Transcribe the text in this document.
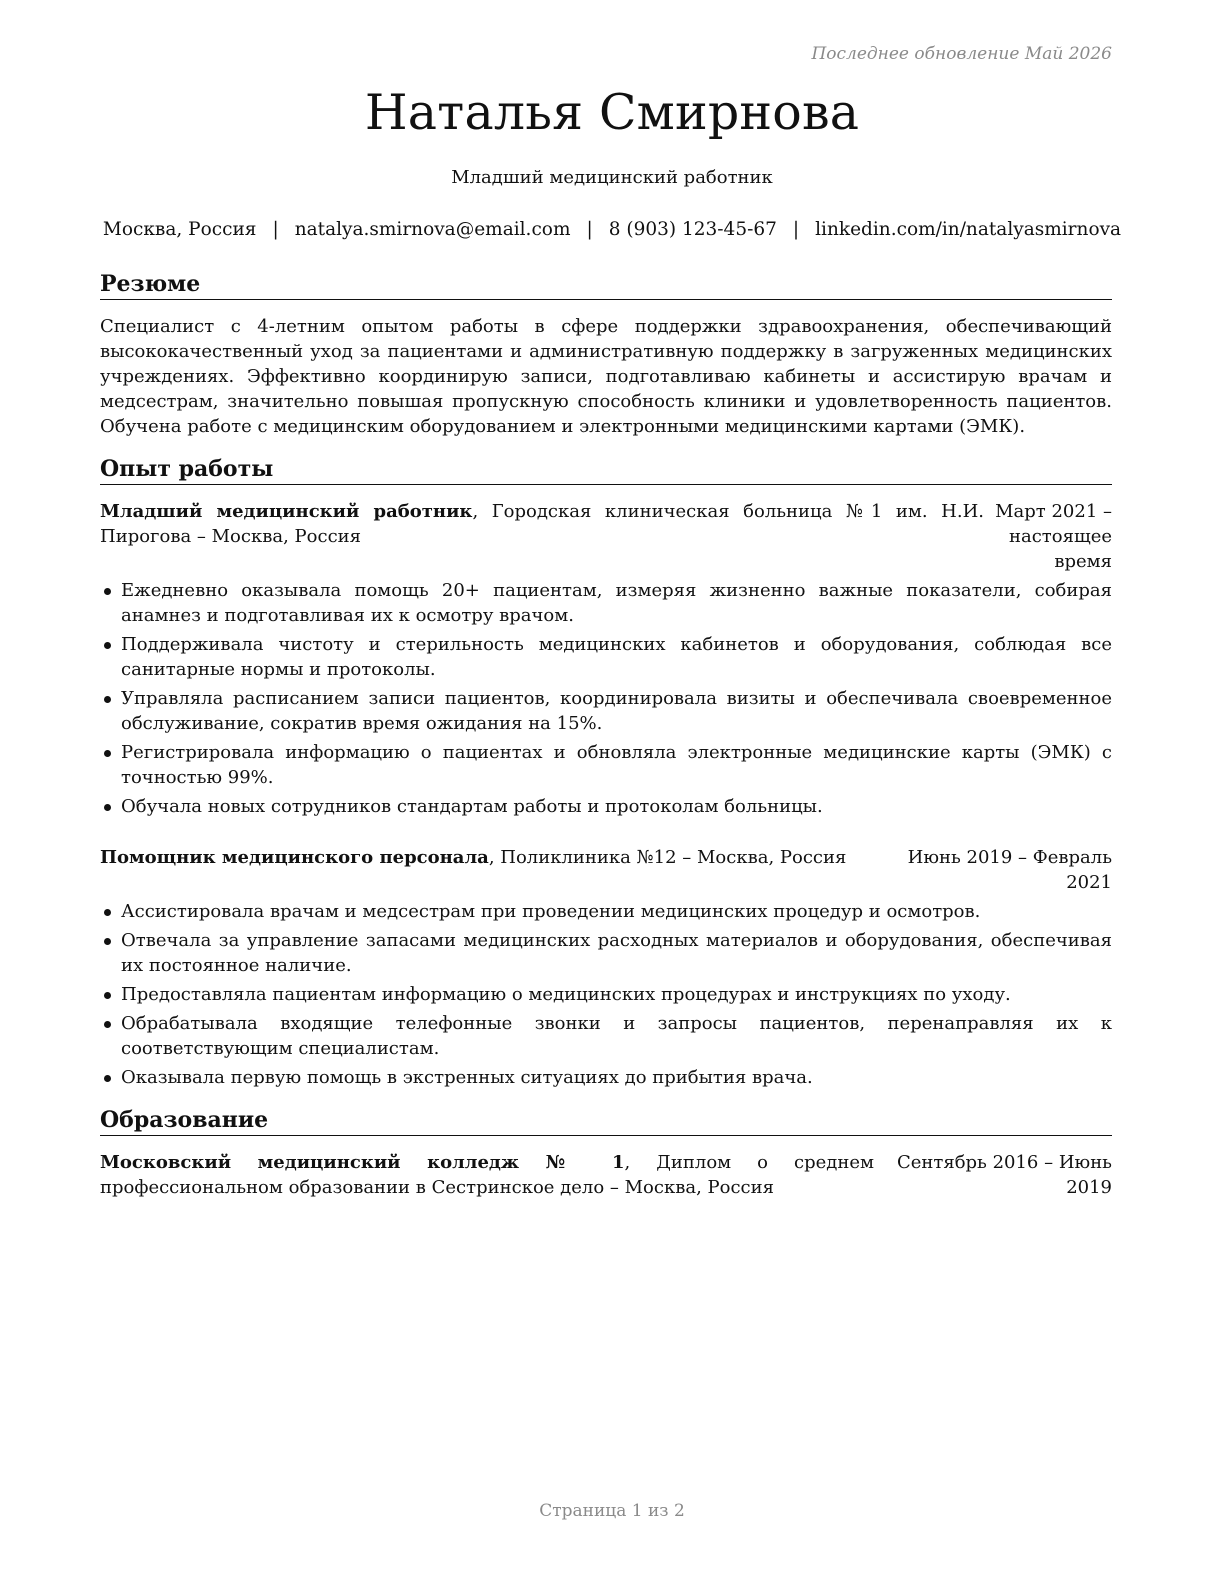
Последнее обновление Май 2026
Наталья Смирнова
Младший медицинский работник
Москва, Россия | natalya.smirnova@email.com | 8 (903) 123-45-67 | linkedin.com/in/natalyasmirnova
Резюме

Специалист с 4-летним опытом работы в сфере поддержки здравоохранения, обеспечивающий высококачественный уход за пациентами и административную поддержку в загруженных медицинских учреждениях. Эффективно координирую записи, подготавливаю кабинеты и ассистирую врачам и медсестрам, значительно повышая пропускную способность клиники и удовлетворенность пациентов. Обучена работе с медицинским оборудованием и электронными медицинскими картами (ЭМК).

Опыт работы
Младший медицинский работник, Городская клиническая больница №1 им. Н.И. Пирогова – Москва, Россия
Март 2021 – настоящее время
Ежедневно оказывала помощь 20+ пациентам, измеряя жизненно важные показатели, собирая анамнез и подготавливая их к осмотру врачом.
Поддерживала чистоту и стерильность медицинских кабинетов и оборудования, соблюдая все санитарные нормы и протоколы.
Управляла расписанием записи пациентов, координировала визиты и обеспечивала своевременное обслуживание, сократив время ожидания на 15%.
Регистрировала информацию о пациентах и обновляла электронные медицинские карты (ЭМК) с точностью 99%.
Обучала новых сотрудников стандартам работы и протоколам больницы.
Помощник медицинского персонала, Поликлиника №12 – Москва, Россия	Июнь 2019 – Февраль 2021
Ассистировала врачам и медсестрам при проведении медицинских процедур и осмотров.
Отвечала за управление запасами медицинских расходных материалов и оборудования, обеспечивая их постоянное наличие.
Предоставляла пациентам информацию о медицинских процедурах и инструкциях по уходу.
Обрабатывала входящие телефонные звонки и запросы пациентов, перенаправляя их к соответствующим специалистам.
Оказывала первую помощь в экстренных ситуациях до прибытия врача.
Образование
Московский медицинский колледж № 1, Диплом о среднем профессиональном образовании в Сестринское дело – Москва, Россия
Сентябрь 2016 – Июнь 2019
Страница 1 из 2
